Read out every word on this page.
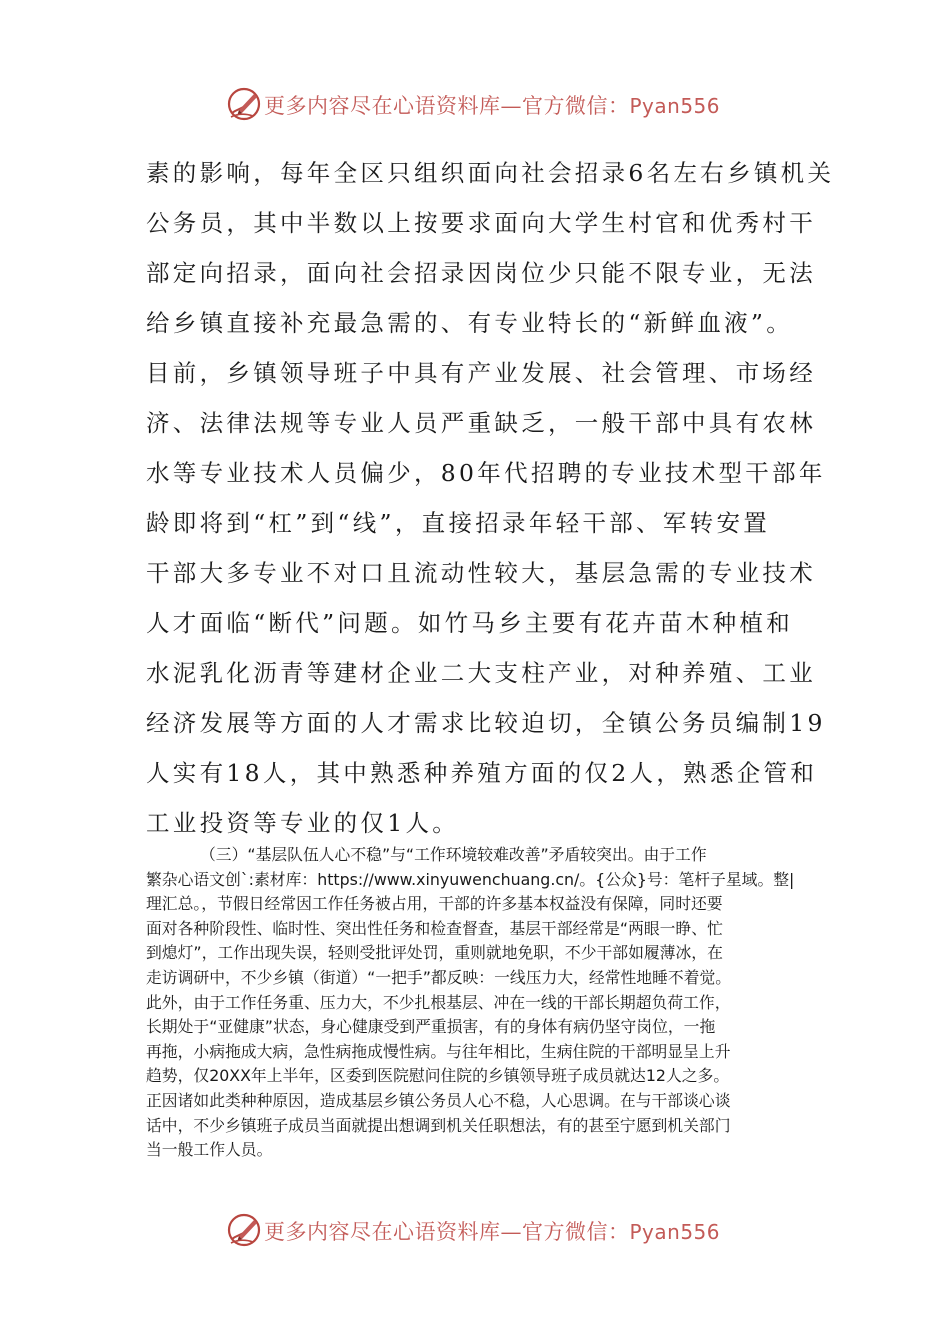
更多内容尽在心语资料库—官方微信：Pyan556
素的影响，每年全区只组织面向社会招录6名左右乡镇机关
公务员，其中半数以上按要求面向大学生村官和优秀村干
部定向招录，面向社会招录因岗位少只能不限专业，无法
给乡镇直接补充最急需的、有专业特长的“新鲜血液”。
目前，乡镇领导班子中具有产业发展、社会管理、市场经
济、法律法规等专业人员严重缺乏，一般干部中具有农林
水等专业技术人员偏少，80年代招聘的专业技术型干部年
龄即将到“杠”到“线”，直接招录年轻干部、军转安置
干部大多专业不对口且流动性较大，基层急需的专业技术
人才面临“断代”问题。如竹马乡主要有花卉苗木种植和
水泥乳化沥青等建材企业二大支柱产业，对种养殖、工业
经济发展等方面的人才需求比较迫切，全镇公务员编制19
人实有18人，其中熟悉种养殖方面的仅2人，熟悉企管和
工业投资等专业的仅1人。
（三）“基层队伍人心不稳”与“工作环境较难改善”矛盾较突出。由于工作
繁杂心语文创`:素材库：https://www.xinyuwenchuang.cn/。{公众}号：笔杆子星域。整|
理汇总。，节假日经常因工作任务被占用，干部的许多基本权益没有保障，同时还要
面对各种阶段性、临时性、突出性任务和检查督查，基层干部经常是“两眼一睁、忙
到熄灯”，工作出现失误，轻则受批评处罚，重则就地免职，不少干部如履薄冰，在
走访调研中，不少乡镇（街道）“一把手”都反映：一线压力大，经常性地睡不着觉。
此外，由于工作任务重、压力大，不少扎根基层、冲在一线的干部长期超负荷工作，
长期处于“亚健康”状态，身心健康受到严重损害，有的身体有病仍坚守岗位，一拖
再拖，小病拖成大病，急性病拖成慢性病。与往年相比，生病住院的干部明显呈上升
趋势，仅20XX年上半年，区委到医院慰问住院的乡镇领导班子成员就达12人之多。
正因诸如此类种种原因，造成基层乡镇公务员人心不稳，人心思调。在与干部谈心谈
话中，不少乡镇班子成员当面就提出想调到机关任职想法，有的甚至宁愿到机关部门
当一般工作人员。
更多内容尽在心语资料库—官方微信：Pyan556
